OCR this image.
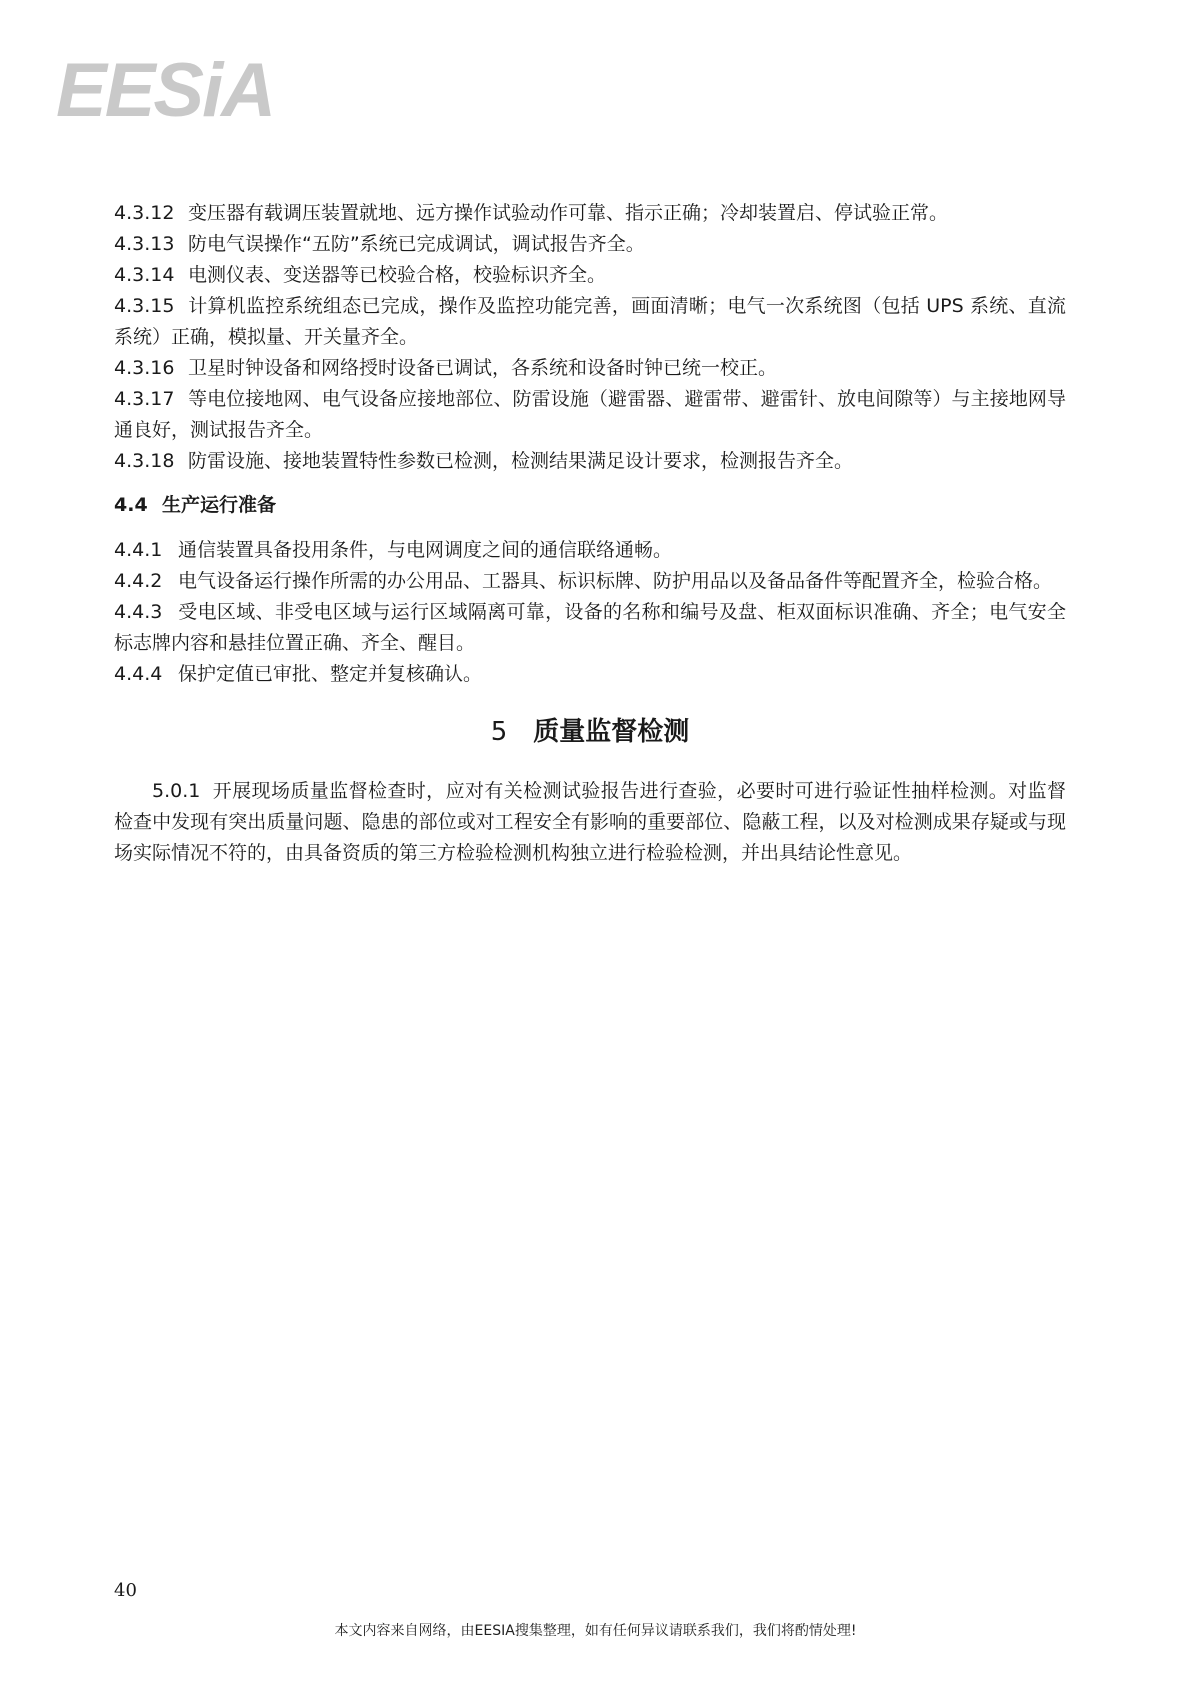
EESiA

4.3.12 变压器有载调压装置就地、远方操作试验动作可靠、指示正确；冷却装置启、停试验正常。

4.3.13 防电气误操作“五防”系统已完成调试，调试报告齐全。

4.3.14 电测仪表、变送器等已校验合格，校验标识齐全。

4.3.15 计算机监控系统组态已完成，操作及监控功能完善，画面清晰；电气一次系统图（包括 UPS 系统、直流系统）正确，模拟量、开关量齐全。

4.3.16 卫星时钟设备和网络授时设备已调试，各系统和设备时钟已统一校正。

4.3.17 等电位接地网、电气设备应接地部位、防雷设施（避雷器、避雷带、避雷针、放电间隙等）与主接地网导通良好，测试报告齐全。

4.3.18 防雷设施、接地装置特性参数已检测，检测结果满足设计要求，检测报告齐全。

4.4 生产运行准备

4.4.1 通信装置具备投用条件，与电网调度之间的通信联络通畅。

4.4.2 电气设备运行操作所需的办公用品、工器具、标识标牌、防护用品以及备品备件等配置齐全，检验合格。

4.4.3 受电区域、非受电区域与运行区域隔离可靠，设备的名称和编号及盘、柜双面标识准确、齐全；电气安全标志牌内容和悬挂位置正确、齐全、醒目。

4.4.4 保护定值已审批、整定并复核确认。

5 质量监督检测

5.0.1 开展现场质量监督检查时，应对有关检测试验报告进行查验，必要时可进行验证性抽样检测。对监督检查中发现有突出质量问题、隐患的部位或对工程安全有影响的重要部位、隐蔽工程，以及对检测成果存疑或与现场实际情况不符的，由具备资质的第三方检验检测机构独立进行检验检测，并出具结论性意见。

40
本文内容来自网络，由EESIA搜集整理，如有任何异议请联系我们，我们将酌情处理!
